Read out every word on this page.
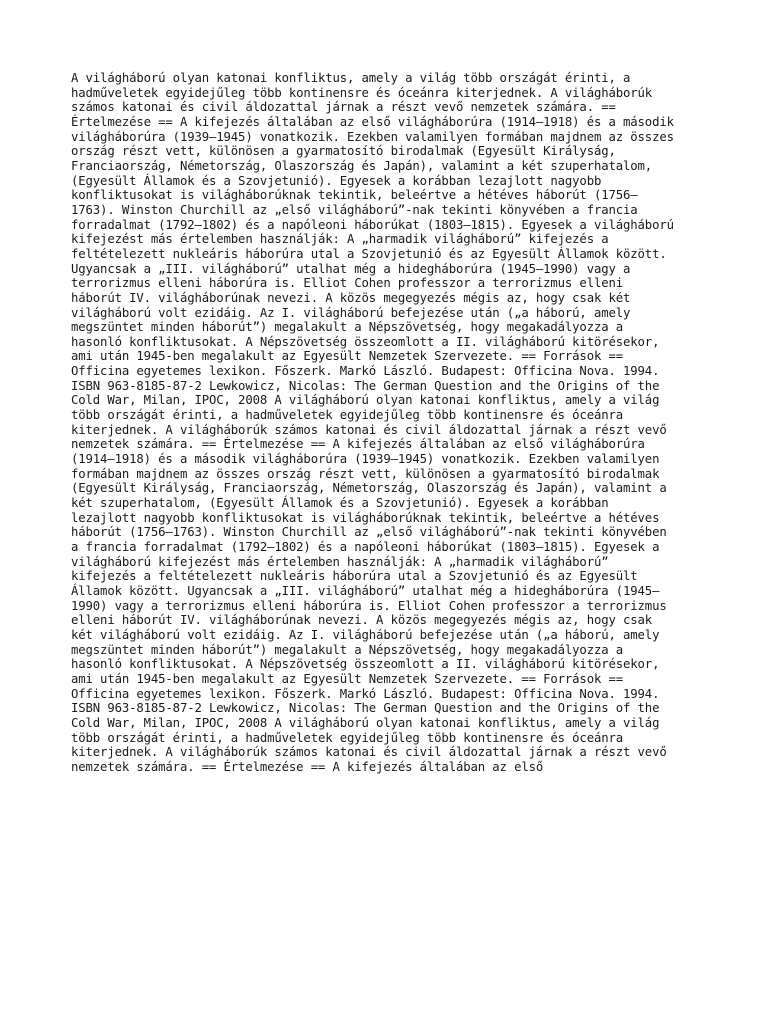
A világháború olyan katonai konfliktus, amely a világ több országát érinti, a
hadműveletek egyidejűleg több kontinensre és óceánra kiterjednek. A világháborúk
számos katonai és civil áldozattal járnak a részt vevő nemzetek számára. ==
Értelmezése == A kifejezés általában az első világháborúra (1914–1918) és a második
világháborúra (1939–1945) vonatkozik. Ezekben valamilyen formában majdnem az összes
ország részt vett, különösen a gyarmatosító birodalmak (Egyesült Királyság,
Franciaország, Németország, Olaszország és Japán), valamint a két szuperhatalom,
(Egyesült Államok és a Szovjetunió). Egyesek a korábban lezajlott nagyobb
konfliktusokat is világháborúknak tekintik, beleértve a hétéves háborút (1756–
1763). Winston Churchill az „első világháború”-nak tekinti könyvében a francia
forradalmat (1792–1802) és a napóleoni háborúkat (1803–1815). Egyesek a világháború
kifejezést más értelemben használják: A „harmadik világháború” kifejezés a
feltételezett nukleáris háborúra utal a Szovjetunió és az Egyesült Államok között.
Ugyancsak a „III. világháború” utalhat még a hidegháborúra (1945–1990) vagy a
terrorizmus elleni háborúra is. Elliot Cohen professzor a terrorizmus elleni
háborút IV. világháborúnak nevezi. A közös megegyezés mégis az, hogy csak két
világháború volt ezidáig. Az I. világháború befejezése után („a háború, amely
megszüntet minden háborút”) megalakult a Népszövetség, hogy megakadályozza a
hasonló konfliktusokat. A Népszövetség összeomlott a II. világháború kitörésekor,
ami után 1945-ben megalakult az Egyesült Nemzetek Szervezete. == Források ==
Officina egyetemes lexikon. Főszerk. Markó László. Budapest: Officina Nova. 1994.
ISBN 963-8185-87-2 Lewkowicz, Nicolas: The German Question and the Origins of the
Cold War, Milan, IPOC, 2008 A világháború olyan katonai konfliktus, amely a világ
több országát érinti, a hadműveletek egyidejűleg több kontinensre és óceánra
kiterjednek. A világháborúk számos katonai és civil áldozattal járnak a részt vevő
nemzetek számára. == Értelmezése == A kifejezés általában az első világháborúra
(1914–1918) és a második világháborúra (1939–1945) vonatkozik. Ezekben valamilyen
formában majdnem az összes ország részt vett, különösen a gyarmatosító birodalmak
(Egyesült Királyság, Franciaország, Németország, Olaszország és Japán), valamint a
két szuperhatalom, (Egyesült Államok és a Szovjetunió). Egyesek a korábban
lezajlott nagyobb konfliktusokat is világháborúknak tekintik, beleértve a hétéves
háborút (1756–1763). Winston Churchill az „első világháború”-nak tekinti könyvében
a francia forradalmat (1792–1802) és a napóleoni háborúkat (1803–1815). Egyesek a
világháború kifejezést más értelemben használják: A „harmadik világháború”
kifejezés a feltételezett nukleáris háborúra utal a Szovjetunió és az Egyesült
Államok között. Ugyancsak a „III. világháború” utalhat még a hidegháborúra (1945–
1990) vagy a terrorizmus elleni háborúra is. Elliot Cohen professzor a terrorizmus
elleni háborút IV. világháborúnak nevezi. A közös megegyezés mégis az, hogy csak
két világháború volt ezidáig. Az I. világháború befejezése után („a háború, amely
megszüntet minden háborút”) megalakult a Népszövetség, hogy megakadályozza a
hasonló konfliktusokat. A Népszövetség összeomlott a II. világháború kitörésekor,
ami után 1945-ben megalakult az Egyesült Nemzetek Szervezete. == Források ==
Officina egyetemes lexikon. Főszerk. Markó László. Budapest: Officina Nova. 1994.
ISBN 963-8185-87-2 Lewkowicz, Nicolas: The German Question and the Origins of the
Cold War, Milan, IPOC, 2008 A világháború olyan katonai konfliktus, amely a világ
több országát érinti, a hadműveletek egyidejűleg több kontinensre és óceánra
kiterjednek. A világháborúk számos katonai és civil áldozattal járnak a részt vevő
nemzetek számára. == Értelmezése == A kifejezés általában az első
